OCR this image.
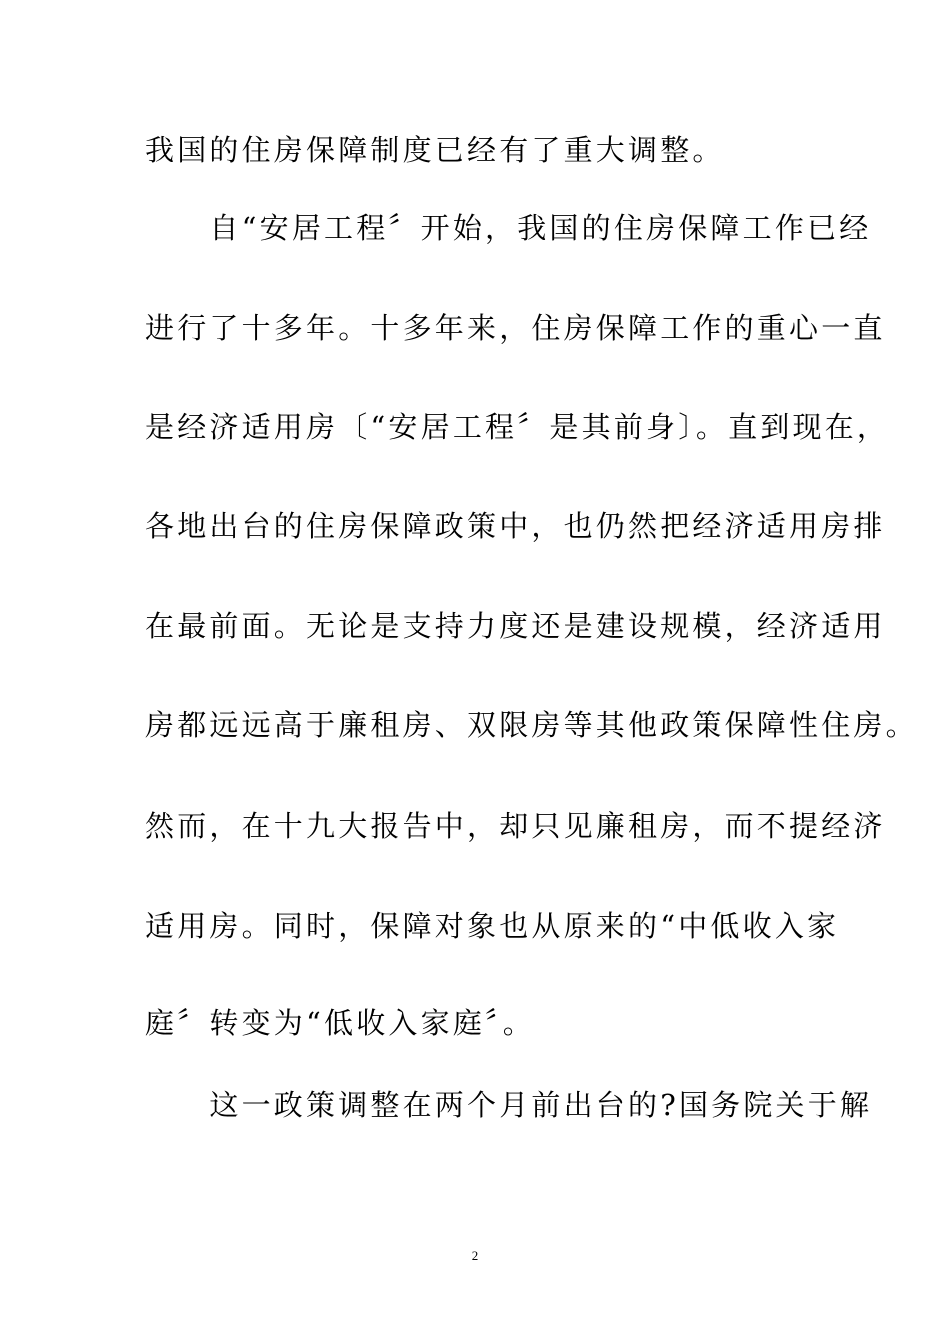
我国的住房保障制度已经有了重大调整。
　　自“安居工程〞开始，我国的住房保障工作已经
进行了十多年。十多年来，住房保障工作的重心一直
是经济适用房〔“安居工程〞是其前身〕。直到现在，
各地出台的住房保障政策中，也仍然把经济适用房排
在最前面。无论是支持力度还是建设规模，经济适用
房都远远高于廉租房、双限房等其他政策保障性住房。
然而，在十九大报告中，却只见廉租房，而不提经济
适用房。同时，保障对象也从原来的“中低收入家
庭〞转变为“低收入家庭〞。
　　这一政策调整在两个月前出台的?国务院关于解
2
